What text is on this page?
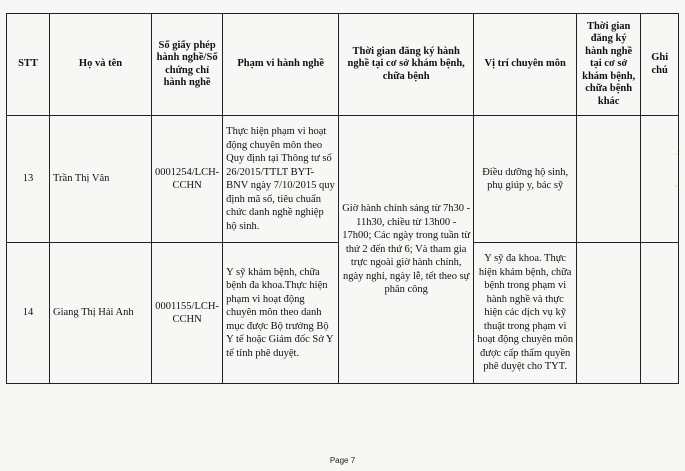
STT	Họ và tên	Số giấy phép hành nghề/Số chứng chỉ hành nghề	Phạm vi hành nghề	Thời gian đăng ký hành nghề tại cơ sở khám bệnh, chữa bệnh	Vị trí chuyên môn	Thời gian đăng ký hành nghề tại cơ sở khám bệnh, chữa bệnh khác	Ghi chú
13	Trần Thị Vân	0001254/LCH-CCHN	Thực hiện phạm vi hoạt động chuyên môn theo Quy định tại Thông tư số 26/2015/TTLT BYT-BNV ngày 7/10/2015 quy định mã số, tiêu chuẩn chức danh nghề nghiệp hộ sinh.	Giờ hành chính sáng từ 7h30 - 11h30, chiều từ 13h00 - 17h00; Các ngày trong tuần từ thứ 2 đến thứ 6; Và tham gia trực ngoài giờ hành chính, ngày nghỉ, ngày lễ, tết theo sự phân công	Điều dưỡng hộ sinh, phụ giúp y, bác sỹ		
14	Giang Thị Hải Anh	0001155/LCH-CCHN	Y sỹ khám bệnh, chữa bệnh đa khoa.Thực hiện phạm vi hoạt động chuyên môn theo danh mục được Bộ trưởng Bộ Y tế hoặc Giám đốc Sở Y tế tỉnh phê duyệt.		Y sỹ đa khoa. Thực hiện khám bệnh, chữa bệnh trong phạm vi hành nghề và thực hiện các dịch vụ kỹ thuật trong phạm vi hoạt động chuyên môn được cấp thẩm quyền phê duyệt cho TYT.		
.;:
'·.
Page 7
